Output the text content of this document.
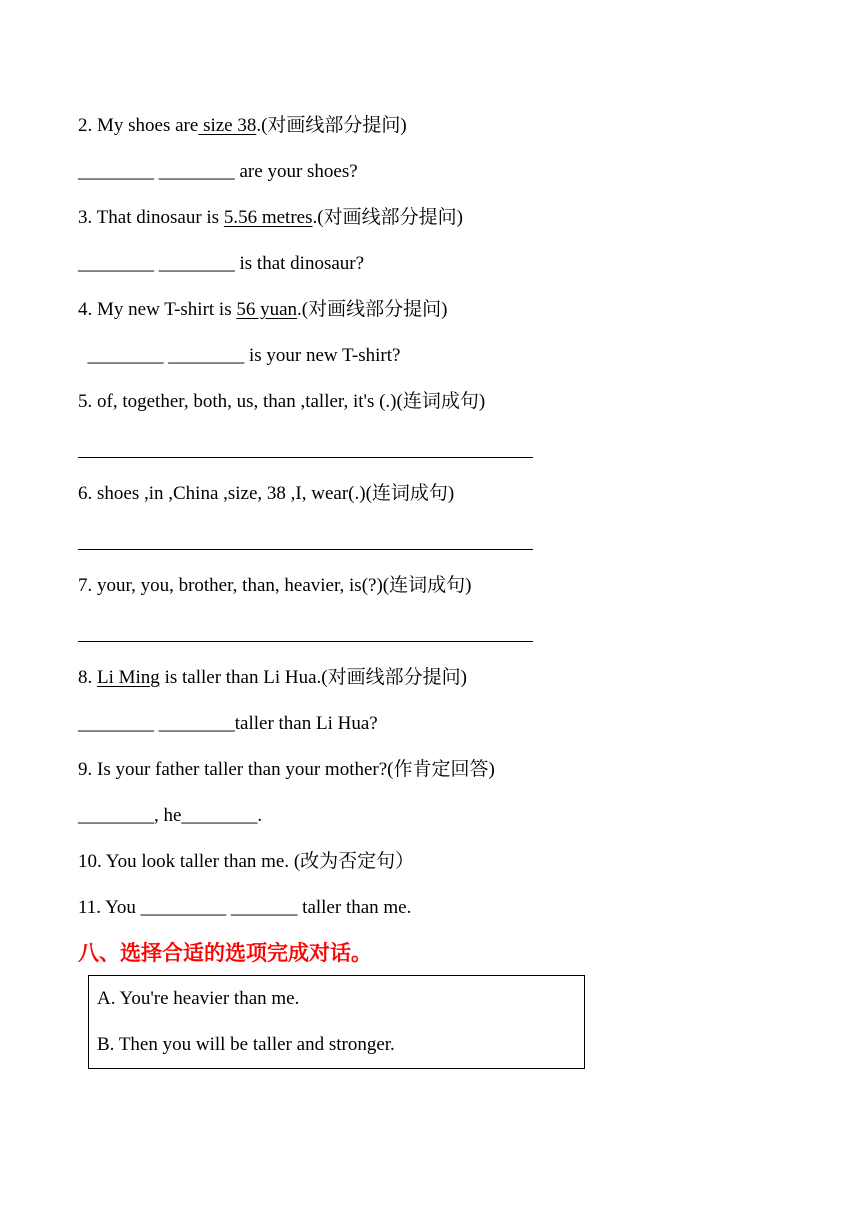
2. My shoes are size 38.(对画线部分提问)
________ ________ are your shoes?
3. That dinosaur is 5.56 metres.(对画线部分提问)
________ ________ is that dinosaur?
4. My new T-shirt is 56 yuan.(对画线部分提问)
________ ________ is your new T-shirt?
5. of, together, both, us, than ,taller, it's (.)(连词成句)
6. shoes ,in ,China ,size, 38 ,I, wear(.)(连词成句)
7. your, you, brother, than, heavier, is(?)(连词成句)
8. Li Ming is taller than Li Hua.(对画线部分提问)
________ ________taller than Li Hua?
9. Is your father taller than your mother?(作肯定回答)
________, he________.
10. You look taller than me. (改为否定句）
11. You _________ _______ taller than me.
八、选择合适的选项完成对话。
A. You're heavier than me.
B. Then you will be taller and stronger.
